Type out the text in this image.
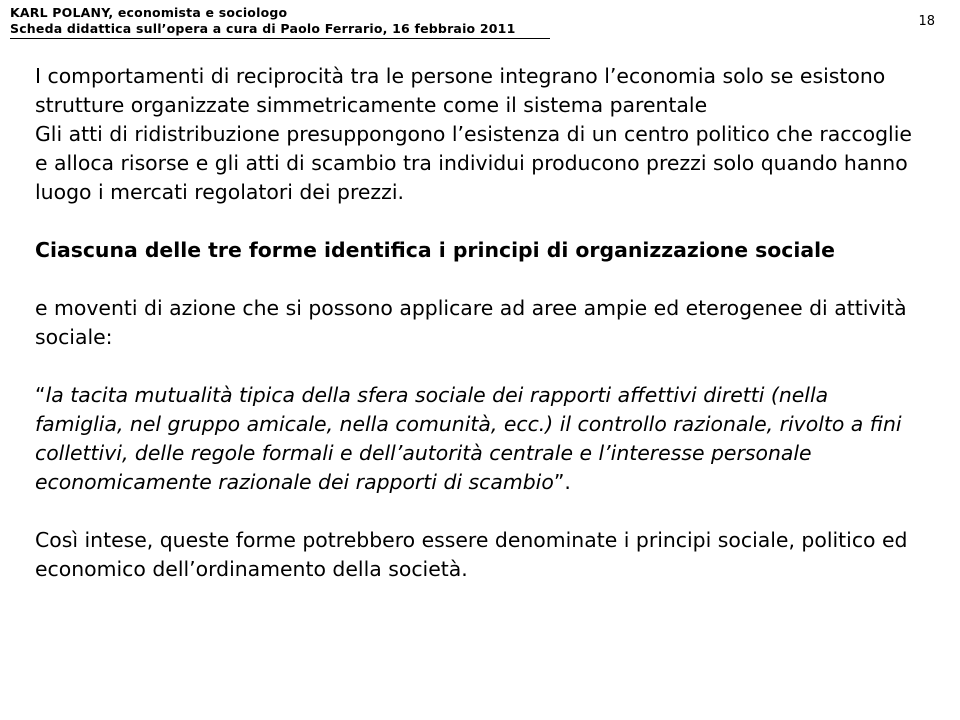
KARL POLANY, economista e sociologo
Scheda didattica sull’opera a cura di Paolo Ferrario, 16 febbraio 2011	18

I comportamenti di reciprocità tra le persone integrano l’economia solo se esistono strutture organizzate simmetricamente come il sistema parentale

Gli atti di ridistribuzione presuppongono l’esistenza di un centro politico che raccoglie e alloca risorse e gli atti di scambio tra individui producono prezzi solo quando hanno luogo i mercati regolatori dei prezzi.

Ciascuna delle tre forme identifica i principi di organizzazione sociale

e moventi di azione che si possono applicare ad aree ampie ed eterogenee di attività sociale:

“la tacita mutualità tipica della sfera sociale dei rapporti affettivi diretti (nella famiglia, nel gruppo amicale, nella comunità, ecc.) il controllo razionale, rivolto a fini collettivi, delle regole formali e dell’autorità centrale e l’interesse personale economicamente razionale dei rapporti di scambio”.

Così intese, queste forme potrebbero essere denominate i principi sociale, politico ed economico dell’ordinamento della società.
